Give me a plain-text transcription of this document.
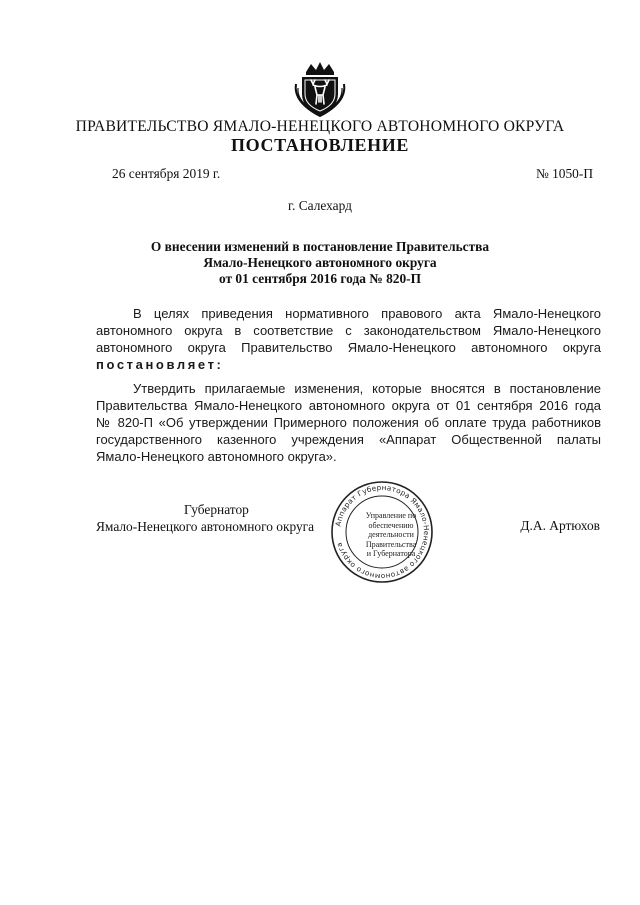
ПРАВИТЕЛЬСТВО ЯМАЛО-НЕНЕЦКОГО АВТОНОМНОГО ОКРУГА
ПОСТАНОВЛЕНИЕ
26 сентября 2019 г.	№ 1050-П
г. Салехард
О внесении изменений в постановление Правительства
Ямало-Ненецкого автономного округа
от 01 сентября 2016 года № 820-П
В целях приведения нормативного правового акта Ямало-Ненецкого
автономного округа в соответствие с законодательством Ямало-Ненецкого
автономного округа Правительство Ямало-Ненецкого автономного округа
постановляет:
Утвердить прилагаемые изменения, которые вносятся в постановление
Правительства Ямало-Ненецкого автономного округа от 01 сентября 2016 года
№ 820-П «Об утверждении Примерного положения об оплате труда работников
государственного казенного учреждения «Аппарат Общественной палаты
Ямало-Ненецкого автономного округа».
Аппарат Губернатора Ямало-Ненецкого автономного округа
Управление по
обеспечению
деятельности
Правительства
и Губернатора
Губернатор
Ямало-Ненецкого автономного округа	Д.А. Артюхов
